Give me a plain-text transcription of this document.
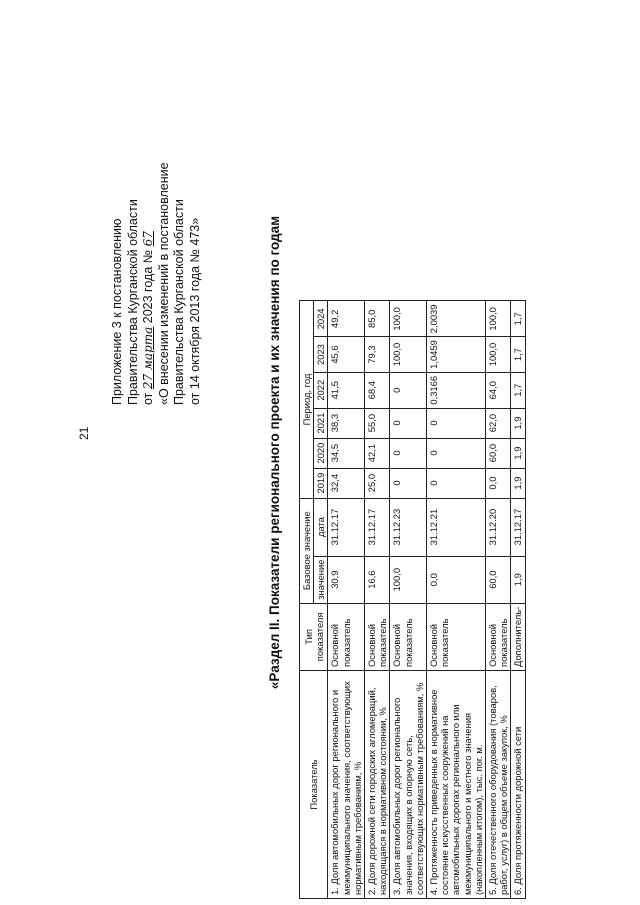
21
Приложение 3 к постановлению Правительства Курганской области от 27 марта 2023 года № 67 «О внесении изменений в постановление Правительства Курганской области от 14 октября 2013 года № 473»	«Раздел II. Показатели регионального проекта и их значения по годам
Показатель	Тип показателя	Базовое значение		Период, год					
		значение	дата	2019	2020	2021	2022	2023	2024
1. Доля автомобильных дорог регионального и межмуниципального значения, соответствующих нормативным требованиям, %	Основной показатель	30,9	31.12.17	32,4	34,5	38,3	41,5	45,6	49,2
2. Доля дорожной сети городских агломераций, находящаяся в нормативном состоянии, %	Основной показатель	16,6	31.12.17	25,0	42,1	55,0	68,4	79,3	85,0
3. Доля автомобильных дорог регионального значения, входящих в опорную сеть, соответствующих нормативным требованиям, %	Основной показатель	100,0	31.12.23	0	0	0	0	100,0	100,0
4. Протяженность приведенных в нормативное состояние искусственных сооружений на автомобильных дорогах регионального или межмуниципального и местного значения (накопленным итогом), тыс. пог. м.	Основной показатель	0,0	31.12.21	0	0	0	0,3166	1,0459	2,0039
5. Доля отечественного оборудования (товаров, работ, услуг) в общем объеме закупок, %	Основной показатель	60,0	31.12.20	0,0	60,0	62,0	64,0	100,0	100,0
6. Доля протяженности дорожной сети	Дополнитель-	1,9	31.12.17	1,9	1,9	1,9	1,7	1,7	1,7
